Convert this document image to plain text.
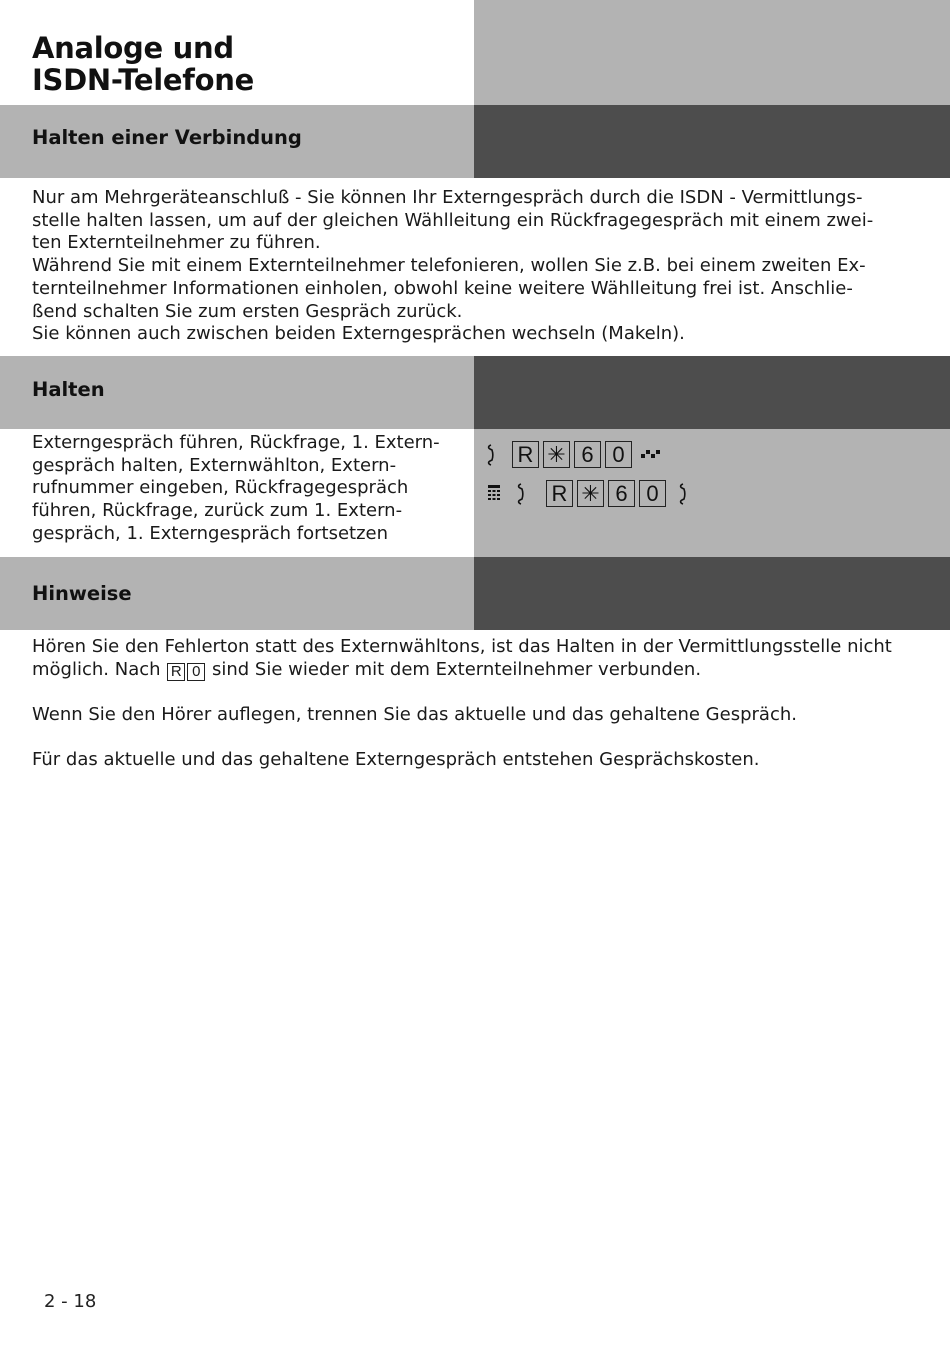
Analoge und
ISDN-Telefone
Halten einer Verbindung
Nur am Mehrgeräteanschluß - Sie können Ihr Externgespräch durch die ISDN - Vermittlungs-
stelle halten lassen, um auf der gleichen Wählleitung ein Rückfragegespräch mit einem zwei-
ten Externteilnehmer zu führen.
Während Sie mit einem Externteilnehmer telefonieren, wollen Sie z.B. bei einem zweiten Ex-
ternteilnehmer Informationen einholen, obwohl keine weitere Wählleitung frei ist. Anschlie-
ßend schalten Sie zum ersten Gespräch zurück.
Sie können auch zwischen beiden Externgesprächen wechseln (Makeln).
Halten
Externgespräch führen, Rückfrage, 1. Extern-
gespräch halten, Externwählton, Extern-
rufnummer eingeben, Rückfragegespräch
führen, Rückfrage, zurück zum 1. Extern-
gespräch, 1. Externgespräch fortsetzen
R ✳ 6 0
R ✳ 6 0
Hinweise
Hören Sie den Fehlerton statt des Externwähltons, ist das Halten in der Vermittlungsstelle nicht
möglich. Nach R 0 sind Sie wieder mit dem Externteilnehmer verbunden.
Wenn Sie den Hörer auflegen, trennen Sie das aktuelle und das gehaltene Gespräch.
Für das aktuelle und das gehaltene Externgespräch entstehen Gesprächskosten.
2 - 18
